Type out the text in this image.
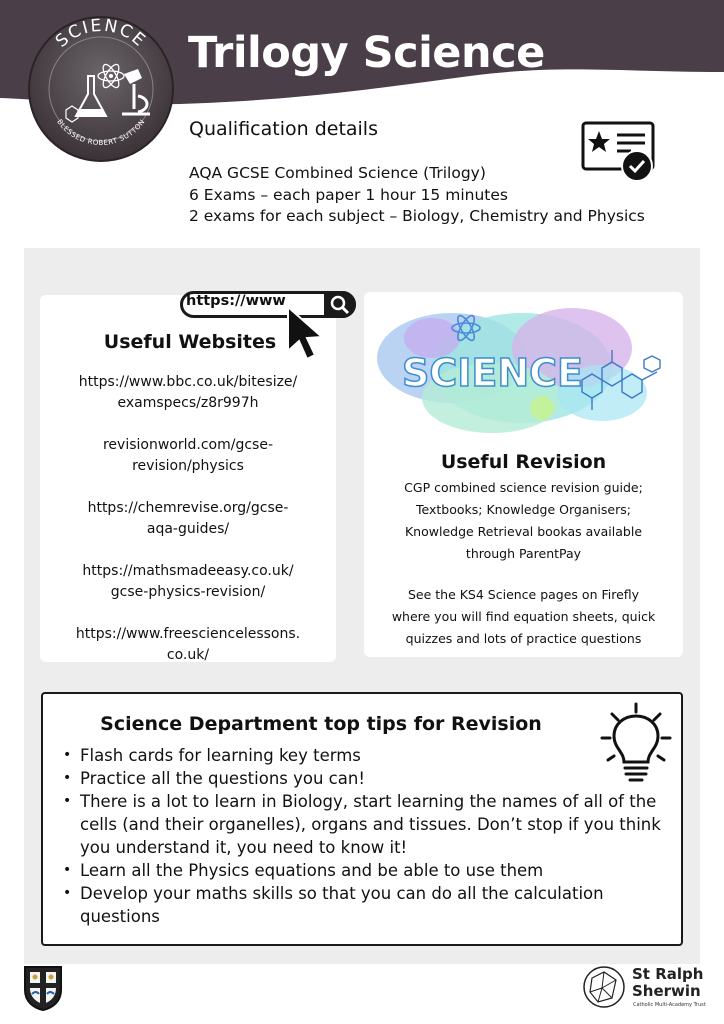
SCIENCE
BLESSED ROBERT SUTTON
Trilogy Science
Qualification details
AQA GCSE Combined Science (Trilogy)
6 Exams – each paper 1 hour 15 minutes
2 exams for each subject – Biology, Chemistry and Physics
https://www
Useful Websites
https://www.bbc.co.uk/bitesize/
examspecs/z8r997h
revisionworld.com/gcse-
revision/physics
https://chemrevise.org/gcse-
aqa-guides/
https://mathsmadeeasy.co.uk/
gcse-physics-revision/
https://www.freesciencelessons.
co.uk/
SCIENCE
Useful Revision
CGP combined science revision guide;
Textbooks; Knowledge Organisers;
Knowledge Retrieval bookas available
through ParentPay
See the KS4 Science pages on Firefly
where you will find equation sheets, quick
quizzes and lots of practice questions
Science Department top tips for Revision
• Flash cards for learning key terms
• Practice all the questions you can!
• There is a lot to learn in Biology, start learning the names of all of the cells (and their organelles), organs and tissues. Don’t stop if you think you understand it, you need to know it!
• Learn all the Physics equations and be able to use them
• Develop your maths skills so that you can do all the calculation questions
St Ralph
Sherwin
Catholic Multi-Academy Trust
